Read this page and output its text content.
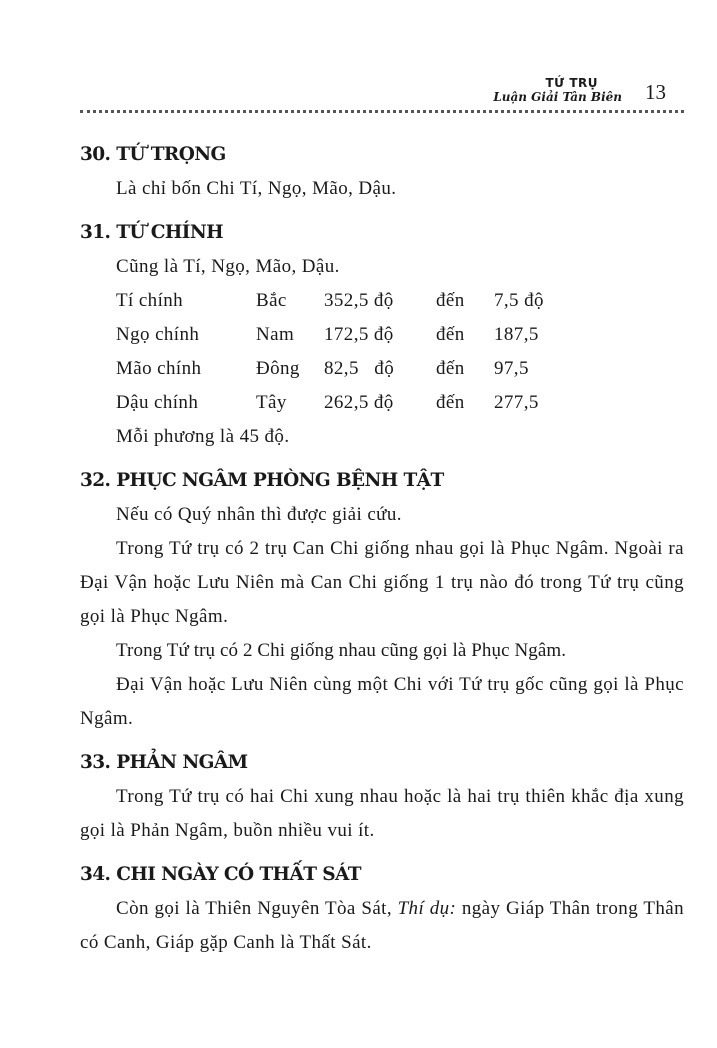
TỨ TRỤ
Luận Giải Tân Biên 13
30. TỨ TRỌNG

Là chỉ bốn Chi Tí, Ngọ, Mão, Dậu.

31. TỨ CHÍNH

Cũng là Tí, Ngọ, Mão, Dậu.

Tí chính	Bắc 352,5 độ đến 7,5 độ
Ngọ chính	Nam 172,5 độ đến 187,5
Mão chính	Đông 82,5   độ đến 97,5
Dậu chính	Tây 262,5 độ đến 277,5

Mỗi phương là 45 độ.

32. PHỤC NGÂM PHÒNG BỆNH TẬT

Nếu có Quý nhân thì được giải cứu.

Trong Tứ trụ có 2 trụ Can Chi giống nhau gọi là Phục Ngâm. Ngoài ra Đại Vận hoặc Lưu Niên mà Can Chi giống 1 trụ nào đó trong Tứ trụ cũng gọi là Phục Ngâm.

Trong Tứ trụ có 2 Chi giống nhau cũng gọi là Phục Ngâm.

Đại Vận hoặc Lưu Niên cùng một Chi với Tứ trụ gốc cũng gọi là Phục Ngâm.

33. PHẢN NGÂM

Trong Tứ trụ có hai Chi xung nhau hoặc là hai trụ thiên khắc địa xung gọi là Phản Ngâm, buồn nhiều vui ít.

34. CHI NGÀY CÓ THẤT SÁT

Còn gọi là Thiên Nguyên Tòa Sát, Thí dụ: ngày Giáp Thân trong Thân có Canh, Giáp gặp Canh là Thất Sát.
